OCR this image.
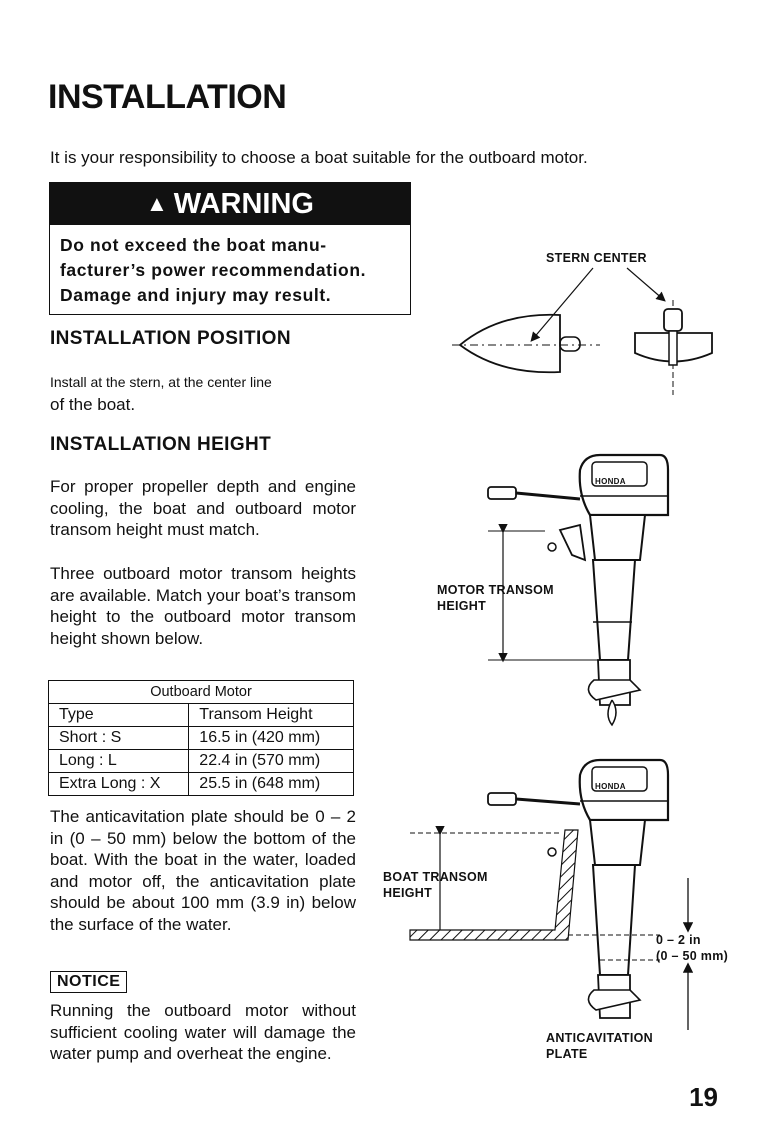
INSTALLATION
It is your responsibility to choose a boat suitable for the outboard motor.
▲ WARNING
Do not exceed the boat manu-
facturer’s power recommendation.
Damage and injury may result.
INSTALLATION POSITION
Install at the stern, at the center line
of the boat.
INSTALLATION HEIGHT
For proper propeller depth and engine cooling, the boat and outboard motor transom height must match.
Three outboard motor transom heights are available. Match your boat’s transom height to the outboard motor transom height shown below.
Outboard Motor	
Type	Transom Height
Short : S	16.5 in (420 mm)
Long : L	22.4 in (570 mm)
Extra Long : X	25.5 in (648 mm)
The anticavitation plate should be 0 – 2 in (0 – 50 mm) below the bottom of the boat. With the boat in the water, loaded and motor off, the anticavitation plate should be about 100 mm (3.9 in) below the surface of the water.
NOTICE
Running the outboard motor without sufficient cooling water will damage the water pump and overheat the engine.
19
STERN CENTER
HONDA
HONDA
MOTOR TRANSOM
HEIGHT
BOAT TRANSOM
HEIGHT
0 – 2 in
(0 – 50 mm)
ANTICAVITATION
PLATE
